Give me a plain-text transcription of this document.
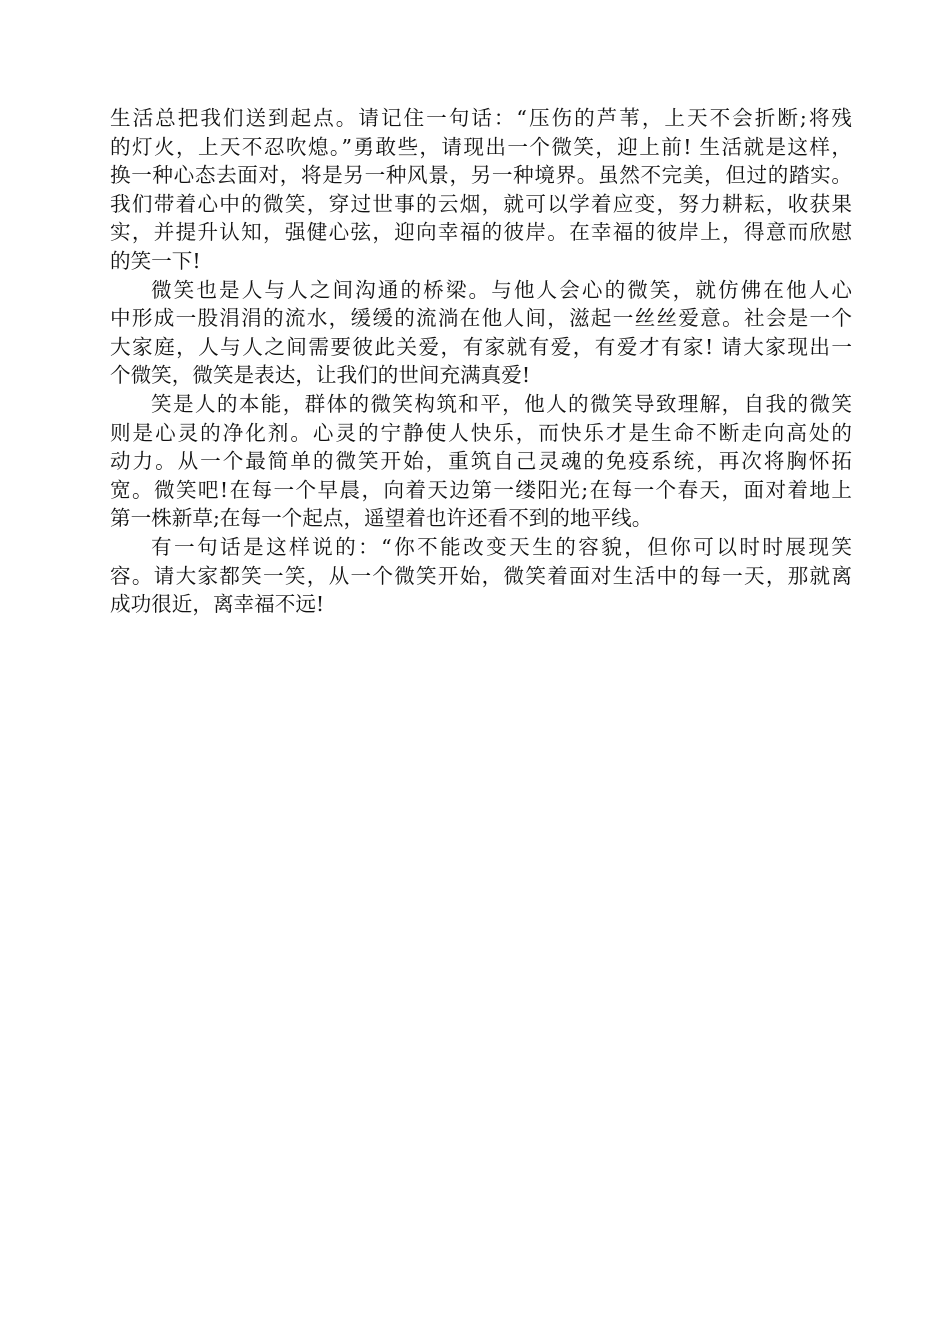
生活总把我们送到起点。请记住一句话：“压伤的芦苇，上天不会折断;将残
的灯火，上天不忍吹熄。”勇敢些，请现出一个微笑，迎上前! 生活就是这样，
换一种心态去面对，将是另一种风景，另一种境界。虽然不完美，但过的踏实。
我们带着心中的微笑，穿过世事的云烟，就可以学着应变，努力耕耘，收获果
实，并提升认知，强健心弦，迎向幸福的彼岸。在幸福的彼岸上，得意而欣慰
的笑一下!
微笑也是人与人之间沟通的桥梁。与他人会心的微笑，就仿佛在他人心
中形成一股涓涓的流水，缓缓的流淌在他人间，滋起一丝丝爱意。社会是一个
大家庭，人与人之间需要彼此关爱，有家就有爱，有爱才有家! 请大家现出一
个微笑，微笑是表达，让我们的世间充满真爱!
笑是人的本能，群体的微笑构筑和平，他人的微笑导致理解，自我的微笑
则是心灵的净化剂。心灵的宁静使人快乐，而快乐才是生命不断走向高处的
动力。从一个最简单的微笑开始，重筑自己灵魂的免疫系统，再次将胸怀拓
宽。微笑吧!在每一个早晨，向着天边第一缕阳光;在每一个春天，面对着地上
第一株新草;在每一个起点，遥望着也许还看不到的地平线。
有一句话是这样说的：“你不能改变天生的容貌，但你可以时时展现笑
容。请大家都笑一笑，从一个微笑开始，微笑着面对生活中的每一天，那就离
成功很近，离幸福不远!
